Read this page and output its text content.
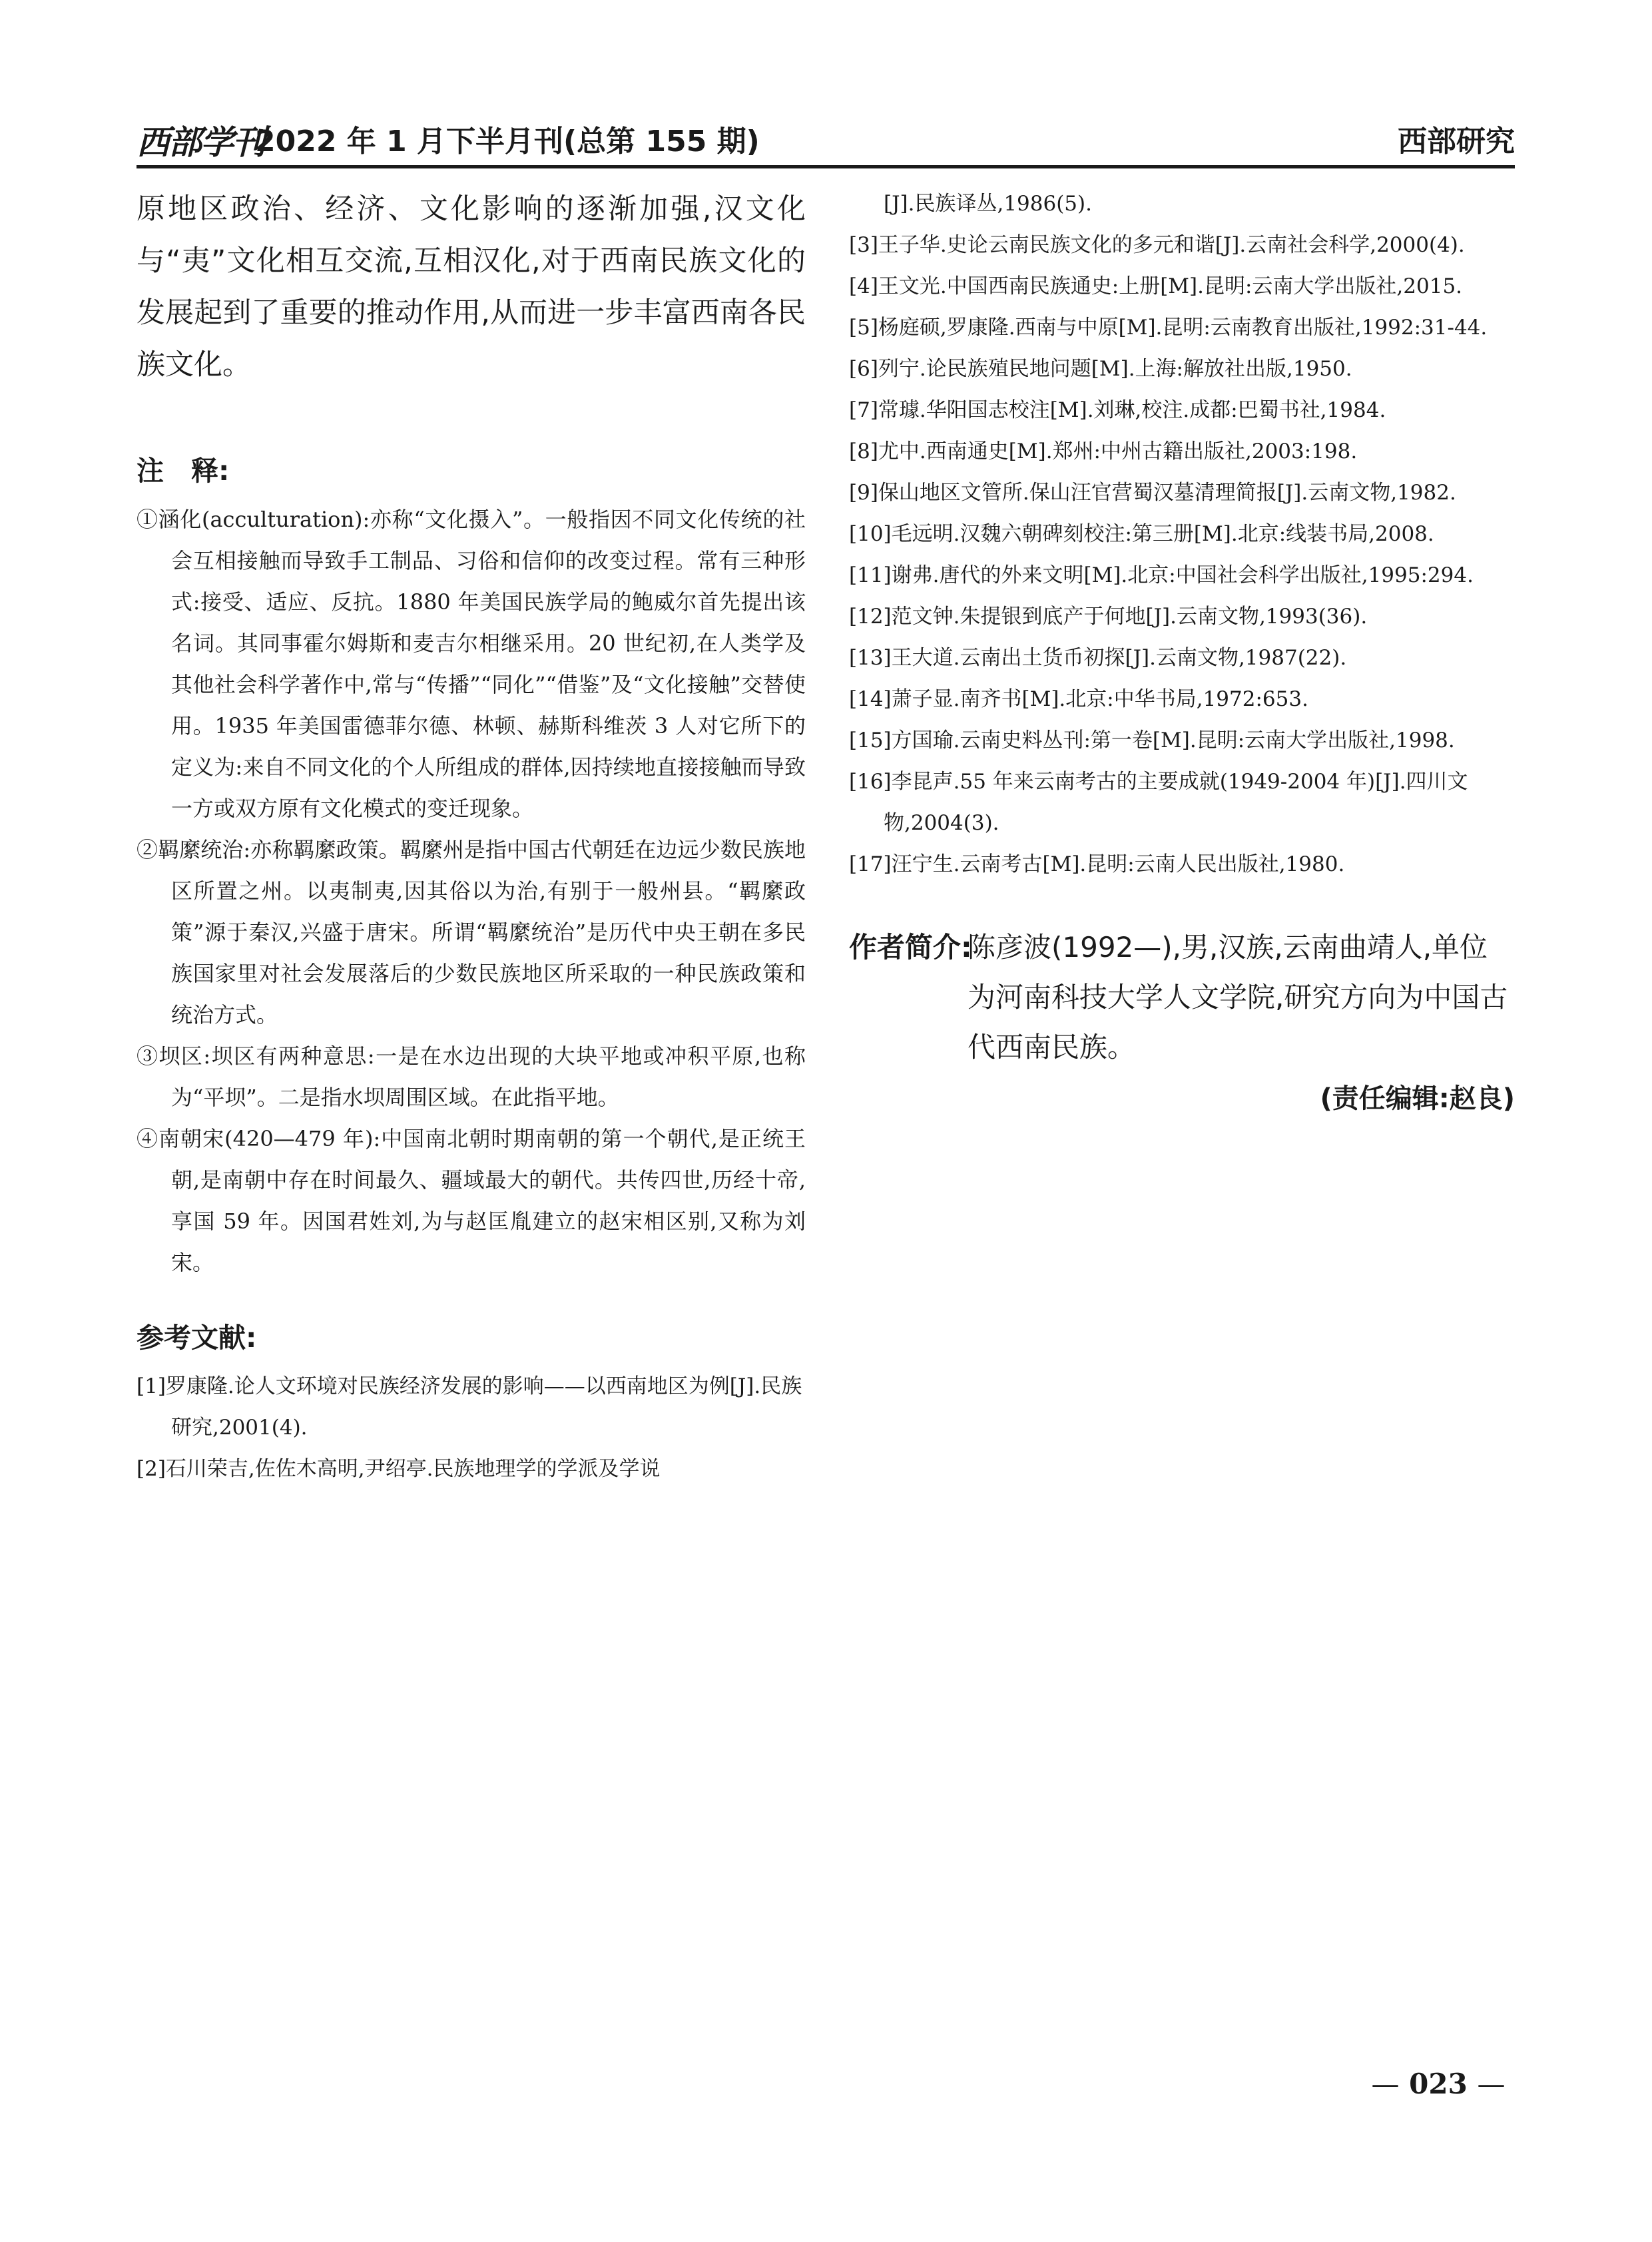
西部学刊
2022 年 1 月下半月刊(总第 155 期)	西部研究

原地区政治、经济、文化影响的逐渐加强,汉文化与“夷”文化相互交流,互相汉化,对于西南民族文化的发展起到了重要的推动作用,从而进一步丰富西南各民族文化。

注　释:

①涵化(acculturation):亦称“文化摄入”。一般指因不同文化传统的社会互相接触而导致手工制品、习俗和信仰的改变过程。常有三种形式:接受、适应、反抗。1880 年美国民族学局的鲍威尔首先提出该名词。其同事霍尔姆斯和麦吉尔相继采用。20 世纪初,在人类学及其他社会科学著作中,常与“传播”“同化”“借鉴”及“文化接触”交替使用。1935 年美国雷德菲尔德、林顿、赫斯科维茨 3 人对它所下的定义为:来自不同文化的个人所组成的群体,因持续地直接接触而导致一方或双方原有文化模式的变迁现象。

②羁縻统治:亦称羁縻政策。羁縻州是指中国古代朝廷在边远少数民族地区所置之州。以夷制夷,因其俗以为治,有别于一般州县。“羁縻政策”源于秦汉,兴盛于唐宋。所谓“羁縻统治”是历代中央王朝在多民族国家里对社会发展落后的少数民族地区所采取的一种民族政策和统治方式。

③坝区:坝区有两种意思:一是在水边出现的大块平地或冲积平原,也称为“平坝”。二是指水坝周围区域。在此指平地。

④南朝宋(420—479 年):中国南北朝时期南朝的第一个朝代,是正统王朝,是南朝中存在时间最久、疆域最大的朝代。共传四世,历经十帝,享国 59 年。因国君姓刘,为与赵匡胤建立的赵宋相区别,又称为刘宋。

参考文献:

[1]罗康隆.论人文环境对民族经济发展的影响——以西南地区为例[J].民族研究,2001(4).

[2]石川荣吉,佐佐木高明,尹绍亭.民族地理学的学派及学说

[J].民族译丛,1986(5).

[3]王子华.史论云南民族文化的多元和谐[J].云南社会科学,2000(4).

[4]王文光.中国西南民族通史:上册[M].昆明:云南大学出版社,2015.

[5]杨庭硕,罗康隆.西南与中原[M].昆明:云南教育出版社,1992:31-44.

[6]列宁.论民族殖民地问题[M].上海:解放社出版,1950.

[7]常璩.华阳国志校注[M].刘琳,校注.成都:巴蜀书社,1984.

[8]尤中.西南通史[M].郑州:中州古籍出版社,2003:198.

[9]保山地区文管所.保山汪官营蜀汉墓清理简报[J].云南文物,1982.

[10]毛远明.汉魏六朝碑刻校注:第三册[M].北京:线装书局,2008.

[11]谢弗.唐代的外来文明[M].北京:中国社会科学出版社,1995:294.

[12]范文钟.朱提银到底产于何地[J].云南文物,1993(36).

[13]王大道.云南出土货币初探[J].云南文物,1987(22).

[14]萧子显.南齐书[M].北京:中华书局,1972:653.

[15]方国瑜.云南史料丛刊:第一卷[M].昆明:云南大学出版社,1998.

[16]李昆声.55 年来云南考古的主要成就(1949-2004 年)[J].四川文物,2004(3).

[17]汪宁生.云南考古[M].昆明:云南人民出版社,1980.

作者简介:
陈彦波(1992—),男,汉族,云南曲靖人,单位为河南科技大学人文学院,研究方向为中国古代西南民族。
(责任编辑:赵良)
— 023 —
